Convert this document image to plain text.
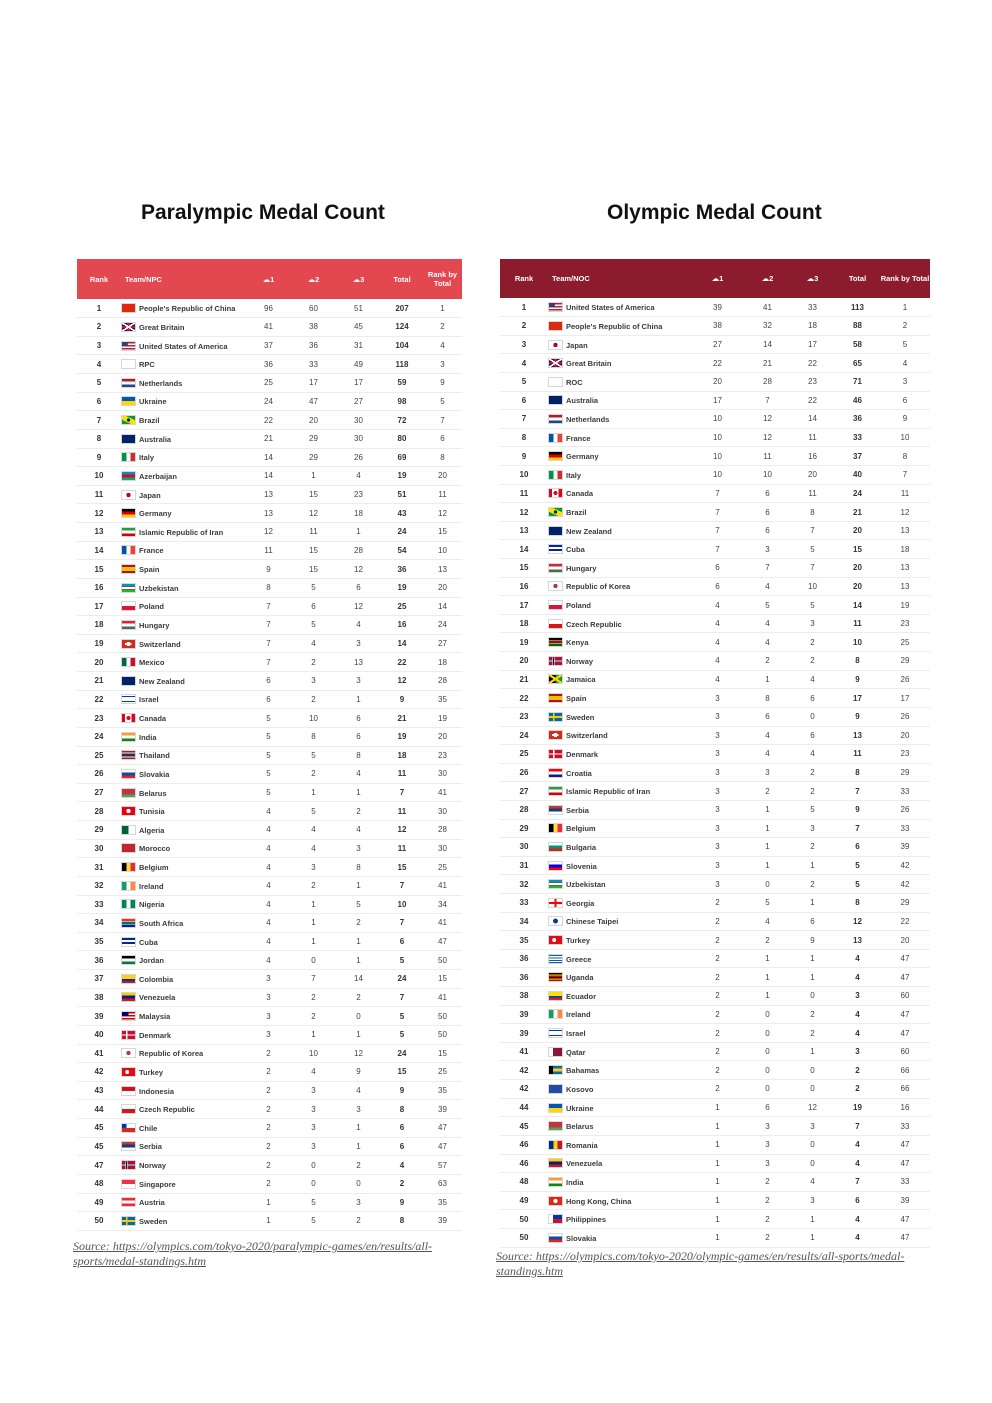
Paralympic Medal Count	Olympic Medal Count
Rank	Team/NPC	☁1	☁2	☁3	Total	Rank by Total
1	People's Republic of China	96	60	51	207	1
2	Great Britain	41	38	45	124	2
3	United States of America	37	36	31	104	4
4	RPC	36	33	49	118	3
5	Netherlands	25	17	17	59	9
6	Ukraine	24	47	27	98	5
7	Brazil	22	20	30	72	7
8	Australia	21	29	30	80	6
9	Italy	14	29	26	69	8
10	Azerbaijan	14	1	4	19	20
11	Japan	13	15	23	51	11
12	Germany	13	12	18	43	12
13	Islamic Republic of Iran	12	11	1	24	15
14	France	11	15	28	54	10
15	Spain	9	15	12	36	13
16	Uzbekistan	8	5	6	19	20
17	Poland	7	6	12	25	14
18	Hungary	7	5	4	16	24
19	Switzerland	7	4	3	14	27
20	Mexico	7	2	13	22	18
21	New Zealand	6	3	3	12	28
22	Israel	6	2	1	9	35
23	Canada	5	10	6	21	19
24	India	5	8	6	19	20
25	Thailand	5	5	8	18	23
26	Slovakia	5	2	4	11	30
27	Belarus	5	1	1	7	41
28	Tunisia	4	5	2	11	30
29	Algeria	4	4	4	12	28
30	Morocco	4	4	3	11	30
31	Belgium	4	3	8	15	25
32	Ireland	4	2	1	7	41
33	Nigeria	4	1	5	10	34
34	South Africa	4	1	2	7	41
35	Cuba	4	1	1	6	47
36	Jordan	4	0	1	5	50
37	Colombia	3	7	14	24	15
38	Venezuela	3	2	2	7	41
39	Malaysia	3	2	0	5	50
40	Denmark	3	1	1	5	50
41	Republic of Korea	2	10	12	24	15
42	Turkey	2	4	9	15	25
43	Indonesia	2	3	4	9	35
44	Czech Republic	2	3	3	8	39
45	Chile	2	3	1	6	47
45	Serbia	2	3	1	6	47
47	Norway	2	0	2	4	57
48	Singapore	2	0	0	2	63
49	Austria	1	5	3	9	35
50	Sweden	1	5	2	8	39
Rank	Team/NOC	☁1	☁2	☁3	Total	Rank by Total
1	United States of America	39	41	33	113	1
2	People's Republic of China	38	32	18	88	2
3	Japan	27	14	17	58	5
4	Great Britain	22	21	22	65	4
5	ROC	20	28	23	71	3
6	Australia	17	7	22	46	6
7	Netherlands	10	12	14	36	9
8	France	10	12	11	33	10
9	Germany	10	11	16	37	8
10	Italy	10	10	20	40	7
11	Canada	7	6	11	24	11
12	Brazil	7	6	8	21	12
13	New Zealand	7	6	7	20	13
14	Cuba	7	3	5	15	18
15	Hungary	6	7	7	20	13
16	Republic of Korea	6	4	10	20	13
17	Poland	4	5	5	14	19
18	Czech Republic	4	4	3	11	23
19	Kenya	4	4	2	10	25
20	Norway	4	2	2	8	29
21	Jamaica	4	1	4	9	26
22	Spain	3	8	6	17	17
23	Sweden	3	6	0	9	26
24	Switzerland	3	4	6	13	20
25	Denmark	3	4	4	11	23
26	Croatia	3	3	2	8	29
27	Islamic Republic of Iran	3	2	2	7	33
28	Serbia	3	1	5	9	26
29	Belgium	3	1	3	7	33
30	Bulgaria	3	1	2	6	39
31	Slovenia	3	1	1	5	42
32	Uzbekistan	3	0	2	5	42
33	Georgia	2	5	1	8	29
34	Chinese Taipei	2	4	6	12	22
35	Turkey	2	2	9	13	20
36	Greece	2	1	1	4	47
36	Uganda	2	1	1	4	47
38	Ecuador	2	1	0	3	60
39	Ireland	2	0	2	4	47
39	Israel	2	0	2	4	47
41	Qatar	2	0	1	3	60
42	Bahamas	2	0	0	2	66
42	Kosovo	2	0	0	2	66
44	Ukraine	1	6	12	19	16
45	Belarus	1	3	3	7	33
46	Romania	1	3	0	4	47
46	Venezuela	1	3	0	4	47
48	India	1	2	4	7	33
49	Hong Kong, China	1	2	3	6	39
50	Philippines	1	2	1	4	47
50	Slovakia	1	2	1	4	47
Source: https://olympics.com/tokyo-2020/paralympic-games/en/results/all-
sports/medal-standings.htm	Source: https://olympics.com/tokyo-2020/olympic-games/en/results/all-sports/medal-
standings.htm
